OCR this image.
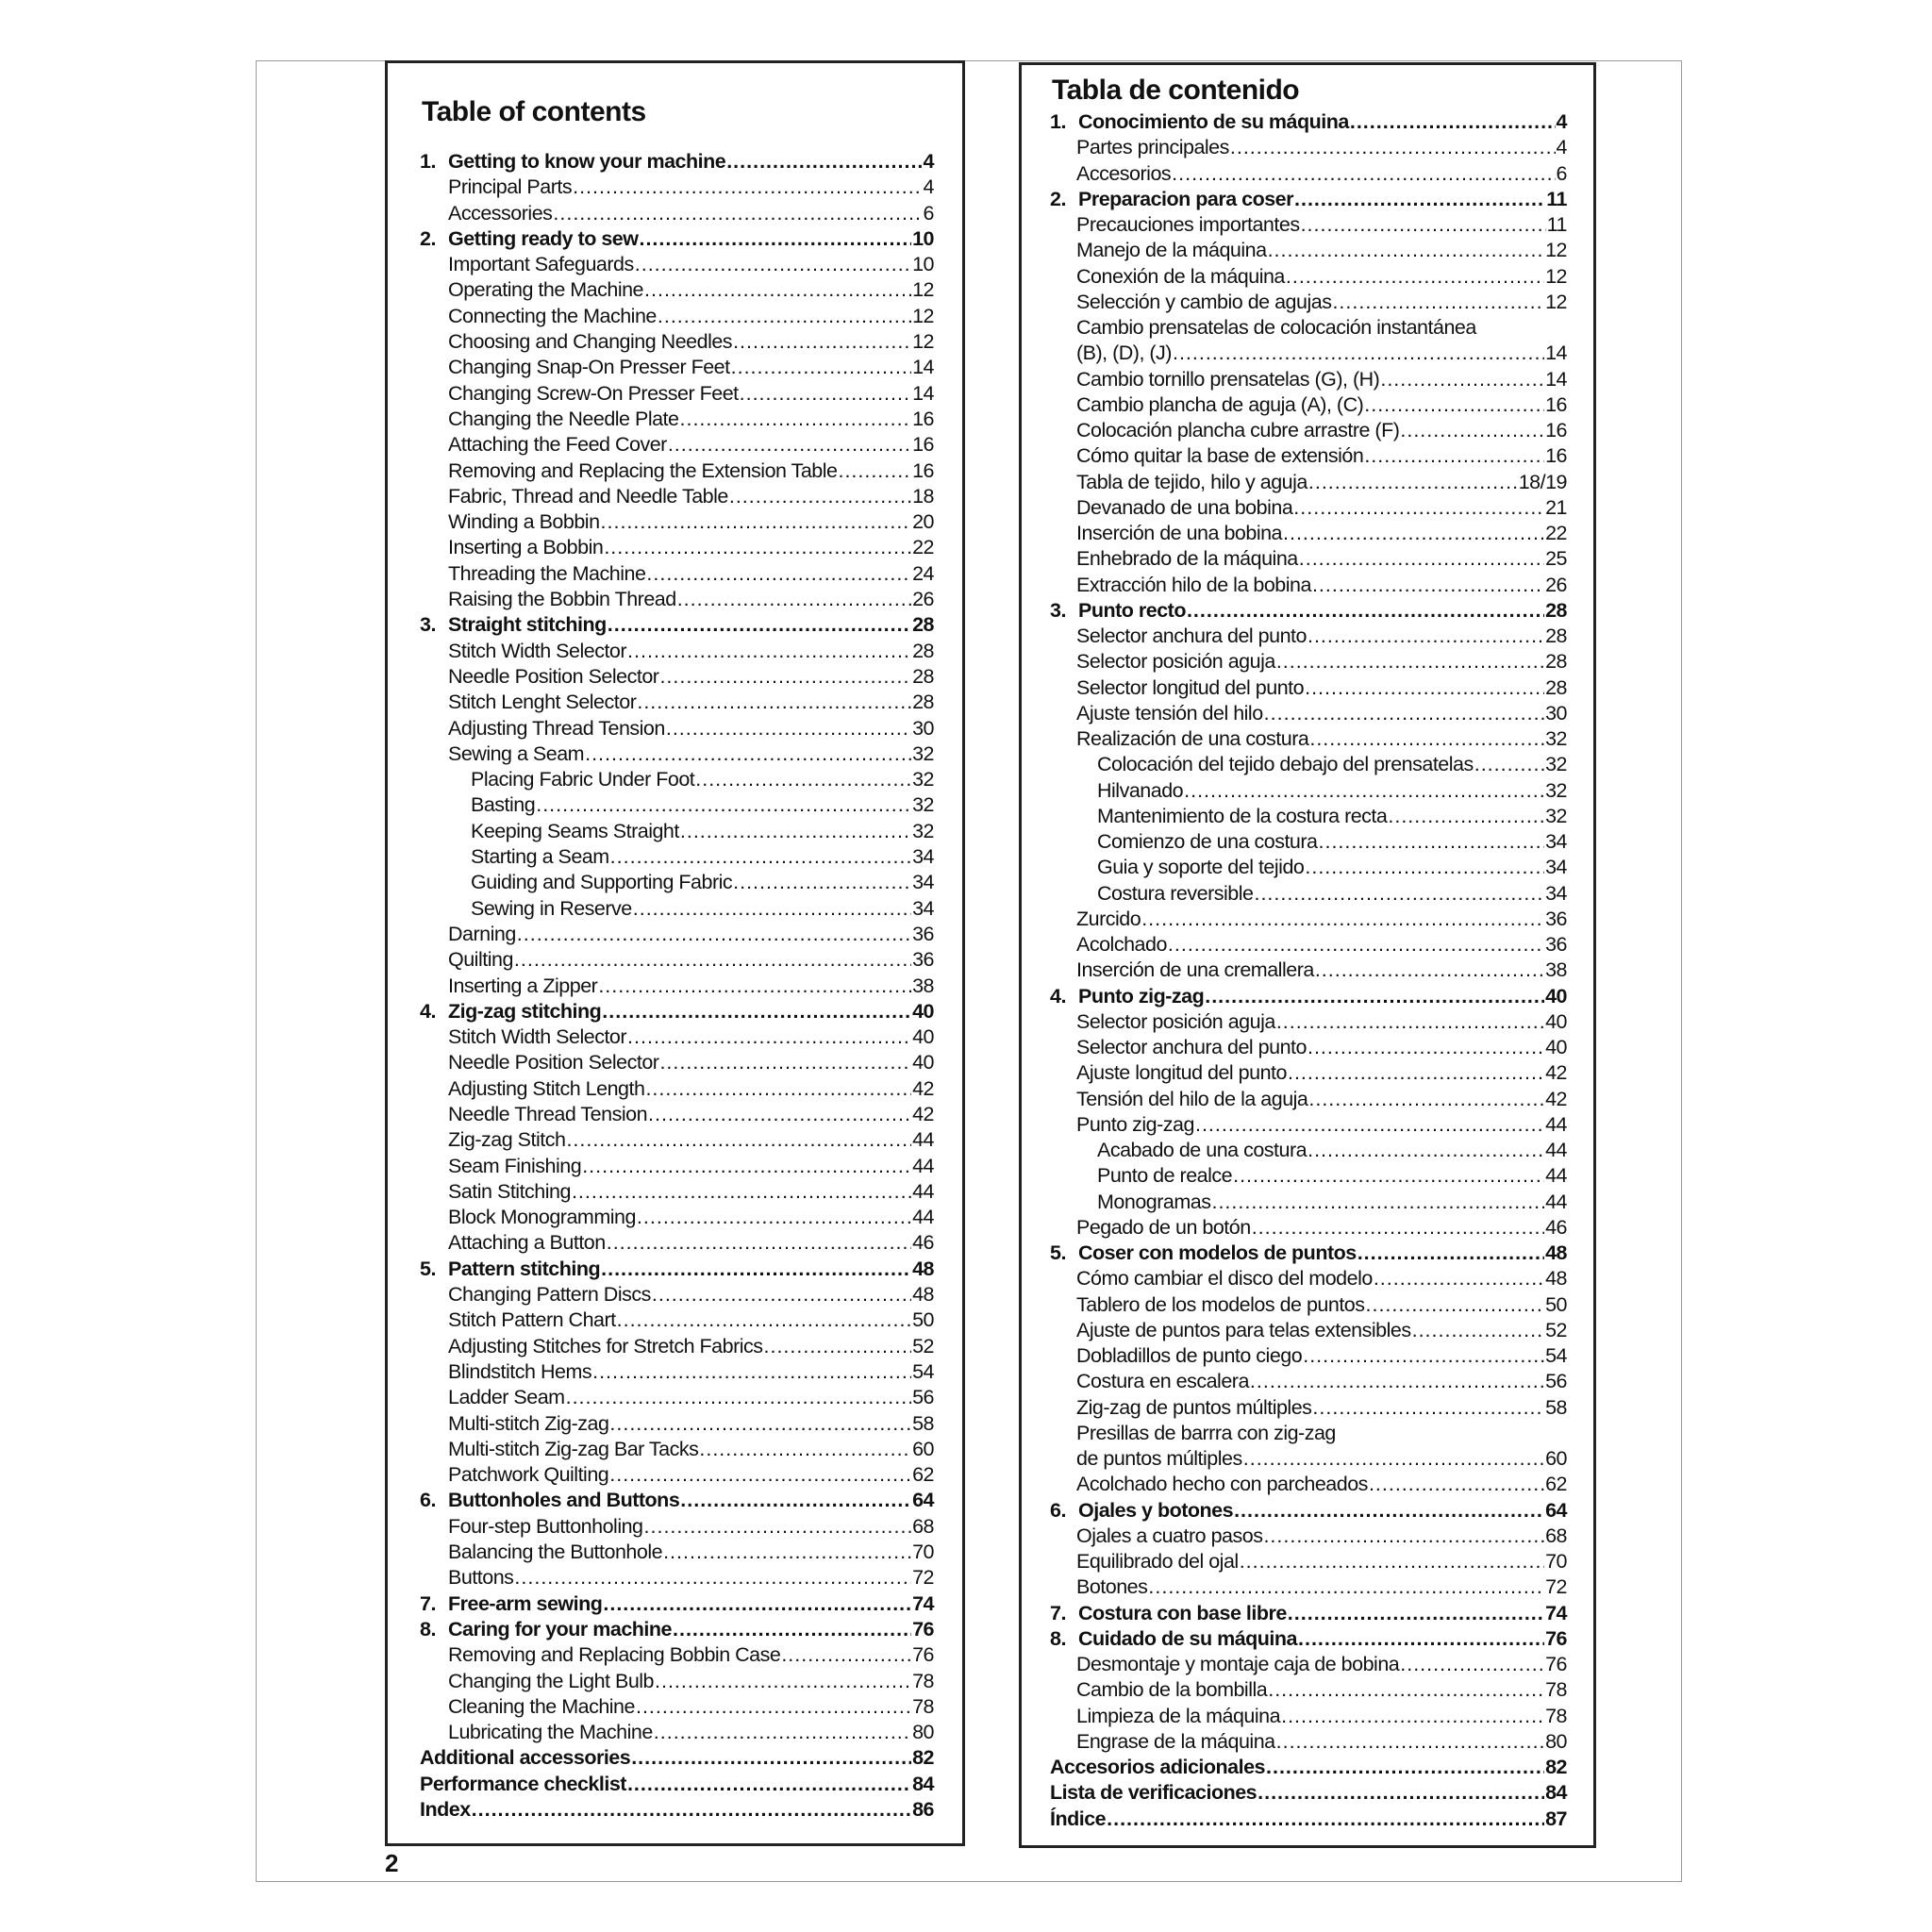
Table of contents
1. Getting to know your machine .....	4
Principal Parts .....	4
Accessories .....	6
2. Getting ready to sew .....	10
Important Safeguards .....	10
Operating the Machine .....	12
Connecting the Machine .....	12
Choosing and Changing Needles .....	12
Changing Snap-On Presser Feet .....	14
Changing Screw-On Presser Feet .....	14
Changing the Needle Plate .....	16
Attaching the Feed Cover .....	16
Removing and Replacing the Extension Table .....	16
Fabric, Thread and Needle Table .....	18
Winding a Bobbin .....	20
Inserting a Bobbin .....	22
Threading the Machine .....	24
Raising the Bobbin Thread .....	26
3. Straight stitching .....	28
Stitch Width Selector .....	28
Needle Position Selector .....	28
Stitch Lenght Selector .....	28
Adjusting Thread Tension .....	30
Sewing a Seam .....	32
Placing Fabric Under Foot .....	32
Basting .....	32
Keeping Seams Straight .....	32
Starting a Seam .....	34
Guiding and Supporting Fabric .....	34
Sewing in Reserve .....	34
Darning .....	36
Quilting .....	36
Inserting a Zipper .....	38
4. Zig-zag stitching .....	40
Stitch Width Selector .....	40
Needle Position Selector .....	40
Adjusting Stitch Length .....	42
Needle Thread Tension .....	42
Zig-zag Stitch .....	44
Seam Finishing .....	44
Satin Stitching .....	44
Block Monogramming .....	44
Attaching a Button .....	46
5. Pattern stitching .....	48
Changing Pattern Discs .....	48
Stitch Pattern Chart .....	50
Adjusting Stitches for Stretch Fabrics .....	52
Blindstitch Hems .....	54
Ladder Seam .....	56
Multi-stitch Zig-zag .....	58
Multi-stitch Zig-zag Bar Tacks .....	60
Patchwork Quilting .....	62
6. Buttonholes and Buttons .....	64
Four-step Buttonholing .....	68
Balancing the Buttonhole .....	70
Buttons .....	72
7. Free-arm sewing .....	74
8. Caring for your machine .....	76
Removing and Replacing Bobbin Case .....	76
Changing the Light Bulb .....	78
Cleaning the Machine .....	78
Lubricating the Machine .....	80
Additional accessories .....	82
Performance checklist .....	84
Index .....	86
Tabla de contenido
1. Conocimiento de su máquina .....	4
Partes principales .....	4
Accesorios .....	6
2. Preparacion para coser .....	11
Precauciones importantes .....	11
Manejo de la máquina .....	12
Conexión de la máquina .....	12
Selección y cambio de agujas .....	12
Cambio prensatelas de colocación instantánea
(B), (D), (J) .....	14
Cambio tornillo prensatelas (G), (H) .....	14
Cambio plancha de aguja (A), (C) .....	16
Colocación plancha cubre arrastre (F) .....	16
Cómo quitar la base de extensión .....	16
Tabla de tejido, hilo y aguja .....	18/19
Devanado de una bobina .....	21
Inserción de una bobina .....	22
Enhebrado de la máquina .....	25
Extracción hilo de la bobina .....	26
3. Punto recto .....	28
Selector anchura del punto .....	28
Selector posición aguja .....	28
Selector longitud del punto .....	28
Ajuste tensión del hilo .....	30
Realización de una costura .....	32
Colocación del tejido debajo del prensatelas .....	32
Hilvanado .....	32
Mantenimiento de la costura recta .....	32
Comienzo de una costura .....	34
Guia y soporte del tejido .....	34
Costura reversible .....	34
Zurcido .....	36
Acolchado .....	36
Inserción de una cremallera .....	38
4. Punto zig-zag .....	40
Selector posición aguja .....	40
Selector anchura del punto .....	40
Ajuste longitud del punto .....	42
Tensión del hilo de la aguja .....	42
Punto zig-zag .....	44
Acabado de una costura .....	44
Punto de realce .....	44
Monogramas .....	44
Pegado de un botón .....	46
5. Coser con modelos de puntos .....	48
Cómo cambiar el disco del modelo .....	48
Tablero de los modelos de puntos .....	50
Ajuste de puntos para telas extensibles .....	52
Dobladillos de punto ciego .....	54
Costura en escalera .....	56
Zig-zag de puntos múltiples .....	58
Presillas de barrra con zig-zag
de puntos múltiples .....	60
Acolchado hecho con parcheados .....	62
6. Ojales y botones .....	64
Ojales a cuatro pasos .....	68
Equilibrado del ojal .....	70
Botones .....	72
7. Costura con base libre .....	74
8. Cuidado de su máquina .....	76
Desmontaje y montaje caja de bobina .....	76
Cambio de la bombilla .....	78
Limpieza de la máquina .....	78
Engrase de la máquina .....	80
Accesorios adicionales .....	82
Lista de verificaciones .....	84
Índice .....	87
2
